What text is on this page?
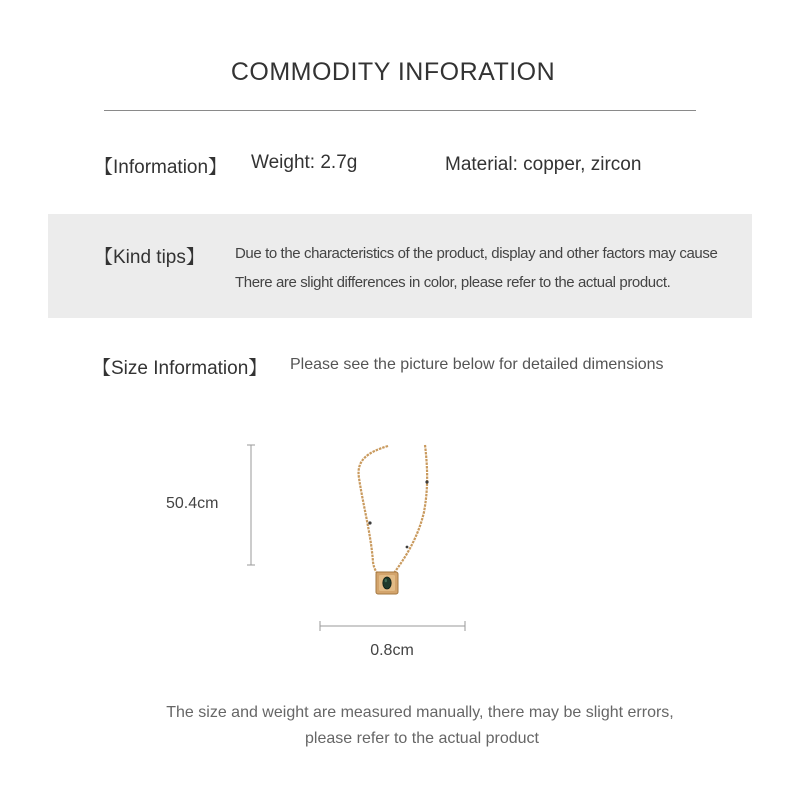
COMMODITY INFORATION
【Information】 Weight: 2.7g	Material: copper, zircon
【Kind tips】 Due to the characteristics of the product, display and other factors may cause
There are slight differences in color, please refer to the actual product.
【Size Information】 Please see the picture below for detailed dimensions
50.4cm
0.8cm
The size and weight are measured manually, there may be slight errors,
please refer to the actual product
